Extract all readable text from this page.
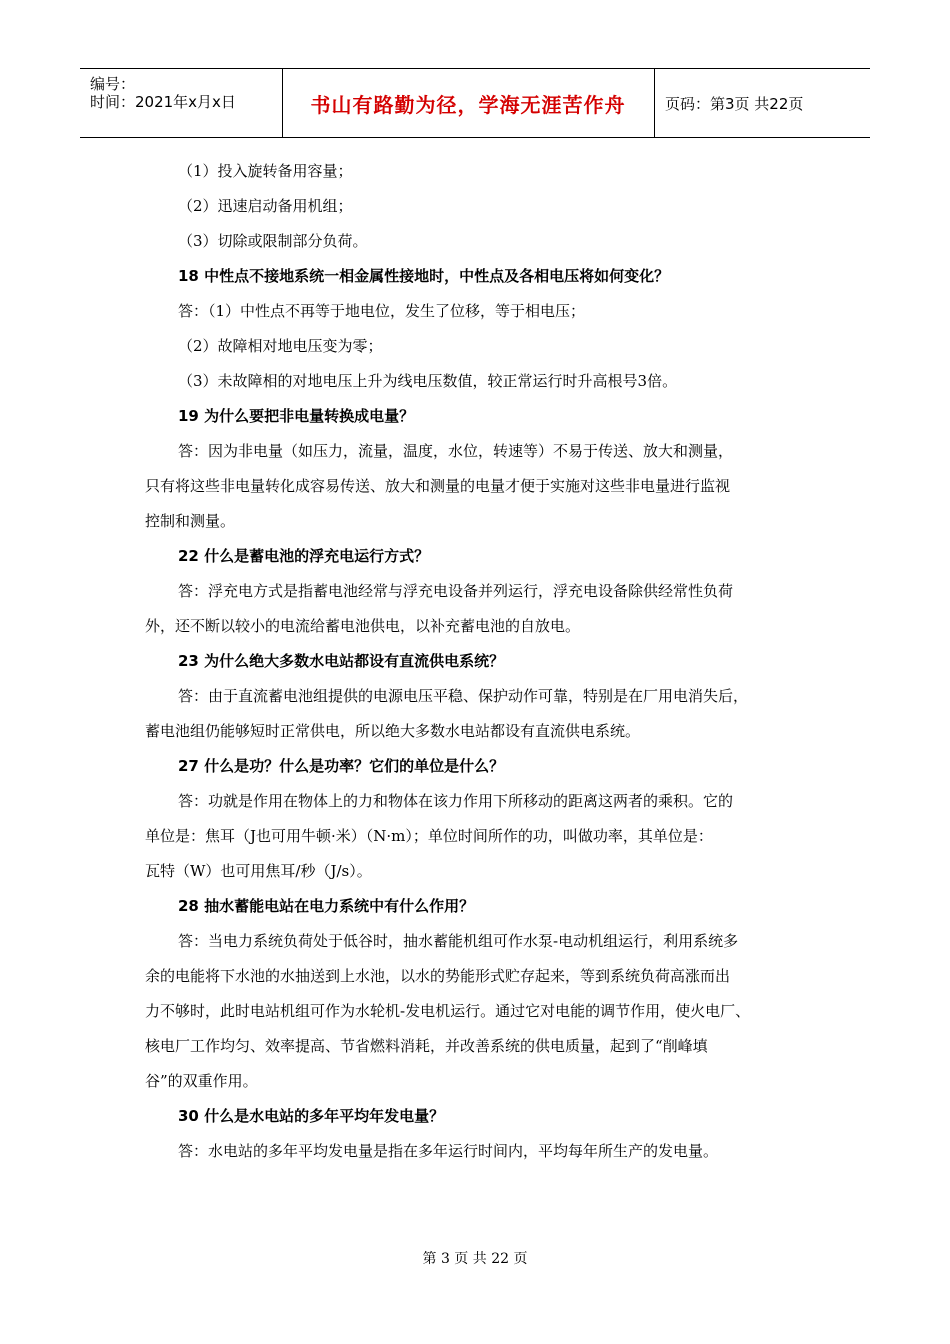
编号：
时间：2021年x月x日	书山有路勤为径，学海无涯苦作舟	页码：第3页 共22页
（1）投入旋转备用容量；
（2）迅速启动备用机组；
（3）切除或限制部分负荷。
18 中性点不接地系统一相金属性接地时，中性点及各相电压将如何变化？
答：（1）中性点不再等于地电位，发生了位移，等于相电压；
（2）故障相对地电压变为零；
（3）未故障相的对地电压上升为线电压数值，较正常运行时升高根号3倍。
19 为什么要把非电量转换成电量？
答：因为非电量（如压力，流量，温度，水位，转速等）不易于传送、放大和测量，
只有将这些非电量转化成容易传送、放大和测量的电量才便于实施对这些非电量进行监视
控制和测量。
22 什么是蓄电池的浮充电运行方式？
答：浮充电方式是指蓄电池经常与浮充电设备并列运行，浮充电设备除供经常性负荷
外，还不断以较小的电流给蓄电池供电，以补充蓄电池的自放电。
23 为什么绝大多数水电站都设有直流供电系统？
答：由于直流蓄电池组提供的电源电压平稳、保护动作可靠，特别是在厂用电消失后，
蓄电池组仍能够短时正常供电，所以绝大多数水电站都设有直流供电系统。
27 什么是功？什么是功率？它们的单位是什么？
答：功就是作用在物体上的力和物体在该力作用下所移动的距离这两者的乘积。它的
单位是：焦耳（J也可用牛顿·米）（N·m）；单位时间所作的功，叫做功率，其单位是：
瓦特（W）也可用焦耳/秒（J/s）。
28 抽水蓄能电站在电力系统中有什么作用？
答：当电力系统负荷处于低谷时，抽水蓄能机组可作水泵-电动机组运行，利用系统多
余的电能将下水池的水抽送到上水池，以水的势能形式贮存起来，等到系统负荷高涨而出
力不够时，此时电站机组可作为水轮机-发电机运行。通过它对电能的调节作用，使火电厂、
核电厂工作均匀、效率提高、节省燃料消耗，并改善系统的供电质量，起到了“削峰填
谷”的双重作用。
30 什么是水电站的多年平均年发电量？
答：水电站的多年平均发电量是指在多年运行时间内，平均每年所生产的发电量。
第 3 页 共 22 页
